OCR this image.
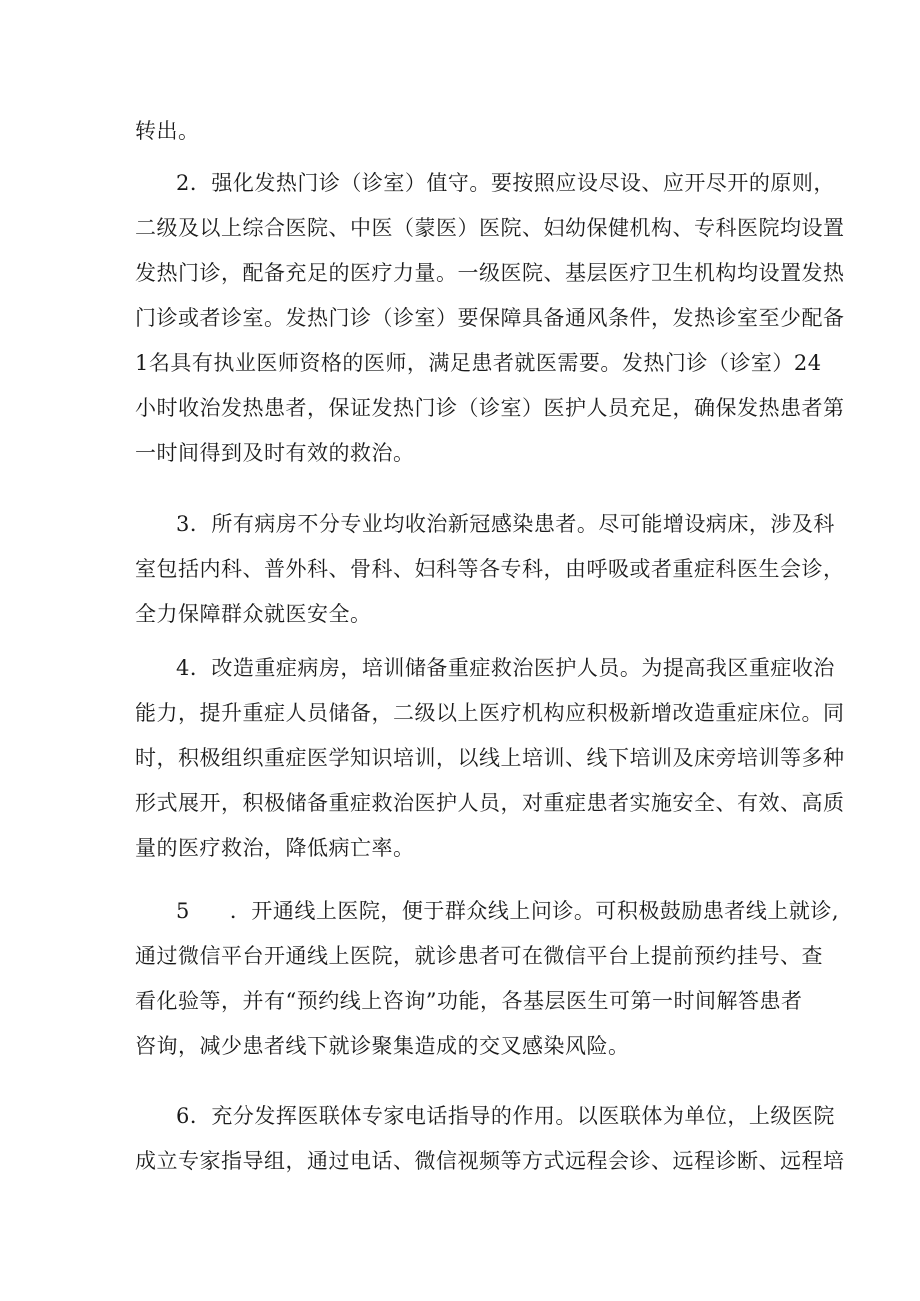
转出。
2．强化发热门诊（诊室）值守。要按照应设尽设、应开尽开的原则，
二级及以上综合医院、中医（蒙医）医院、妇幼保健机构、专科医院均设置
发热门诊，配备充足的医疗力量。一级医院、基层医疗卫生机构均设置发热
门诊或者诊室。发热门诊（诊室）要保障具备通风条件，发热诊室至少配备
1名具有执业医师资格的医师，满足患者就医需要。发热门诊（诊室）24
小时收治发热患者，保证发热门诊（诊室）医护人员充足，确保发热患者第
一时间得到及时有效的救治。
3．所有病房不分专业均收治新冠感染患者。尽可能增设病床，涉及科
室包括内科、普外科、骨科、妇科等各专科，由呼吸或者重症科医生会诊，
全力保障群众就医安全。
4．改造重症病房，培训储备重症救治医护人员。为提高我区重症收治
能力，提升重症人员储备，二级以上医疗机构应积极新增改造重症床位。同
时，积极组织重症医学知识培训，以线上培训、线下培训及床旁培训等多种
形式展开，积极储备重症救治医护人员，对重症患者实施安全、有效、高质
量的医疗救治，降低病亡率。
5 ．开通线上医院，便于群众线上问诊。可积极鼓励患者线上就诊,
通过微信平台开通线上医院，就诊患者可在微信平台上提前预约挂号、查
看化验等，并有“预约线上咨询”功能，各基层医生可第一时间解答患者
咨询，减少患者线下就诊聚集造成的交叉感染风险。
6．充分发挥医联体专家电话指导的作用。以医联体为单位，上级医院
成立专家指导组，通过电话、微信视频等方式远程会诊、远程诊断、远程培
